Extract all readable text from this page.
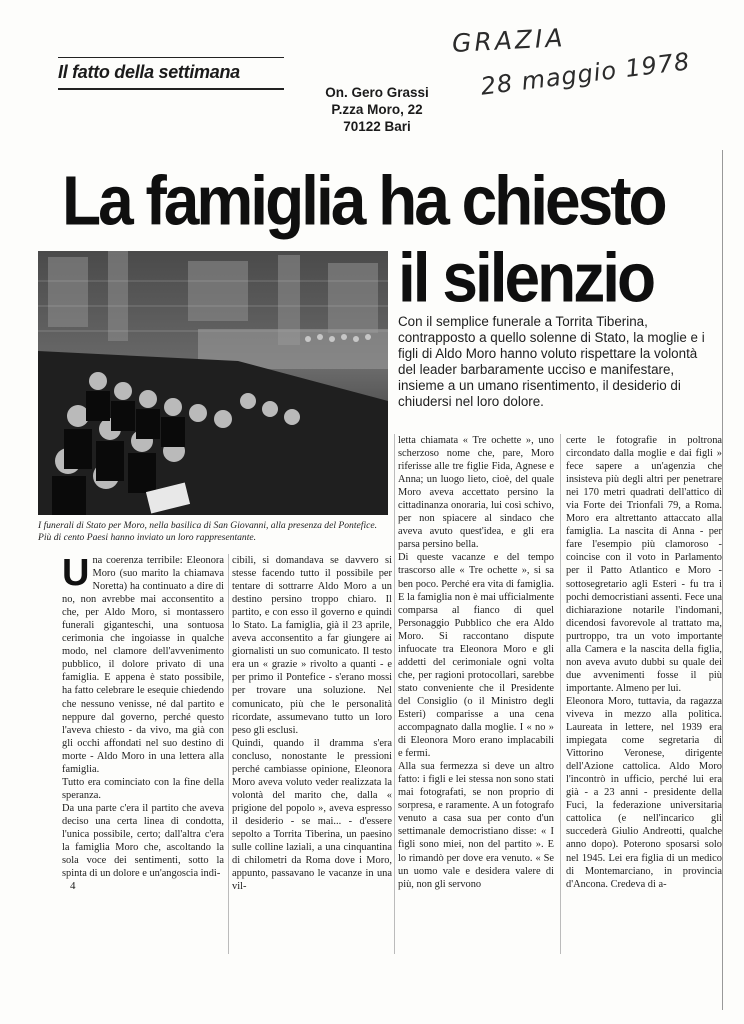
GRAZIA
28 maggio 1978
Il fatto della settimana
On. Gero Grassi
P.zza Moro, 22
70122 Bari
La famiglia ha chiesto
il silenzio
I funerali di Stato per Moro, nella basilica di San Giovanni, alla presenza del Pontefice. Più di cento Paesi hanno inviato un loro rappresentante.
Con il semplice funerale a Torrita Tiberina, contrapposto a quello solenne di Stato, la moglie e i figli di Aldo Moro hanno voluto rispettare la volontà del leader barbaramente ucciso e manifestare, insieme a un umano risentimento, il desiderio di chiudersi nel loro dolore.
Una coerenza terribile: Eleonora Moro (suo marito la chiamava Noretta) ha continuato a dire di no, non avrebbe mai acconsentito a che, per Aldo Moro, si montassero funerali giganteschi, una sontuosa cerimonia che ingoiasse in qualche modo, nel clamore dell'avvenimento pubblico, il dolore privato di una famiglia. E appena è stato possibile, ha fatto celebrare le esequie chiedendo che nessuno venisse, né dal partito e neppure dal governo, perché questo l'aveva chiesto - da vivo, ma già con gli occhi affondati nel suo destino di morte - Aldo Moro in una lettera alla famiglia.
Tutto era cominciato con la fine della speranza.
Da una parte c'era il partito che aveva deciso una certa linea di condotta, l'unica possibile, certo; dall'altra c'era la famiglia Moro che, ascoltando la sola voce dei sentimenti, sotto la spinta di un dolore e un'angoscia indi-
cibili, si domandava se davvero si stesse facendo tutto il possibile per tentare di sottrarre Aldo Moro a un destino persino troppo chiaro. Il partito, e con esso il governo e quindi lo Stato. La famiglia, già il 23 aprile, aveva acconsentito a far giungere ai giornalisti un suo comunicato. Il testo era un « grazie » rivolto a quanti - e per primo il Pontefice - s'erano mossi per trovare una soluzione. Nel comunicato, più che le personalità ricordate, assumevano tutto un loro peso gli esclusi.
Quindi, quando il dramma s'era concluso, nonostante le pressioni perché cambiasse opinione, Eleonora Moro aveva voluto veder realizzata la volontà del marito che, dalla « prigione del popolo », aveva espresso il desiderio - se mai... - d'essere sepolto a Torrita Tiberina, un paesino sulle colline laziali, a una cinquantina di chilometri da Roma dove i Moro, appunto, passavano le vacanze in una vil-
letta chiamata « Tre ochette », uno scherzoso nome che, pare, Moro riferisse alle tre figlie Fida, Agnese e Anna; un luogo lieto, cioè, del quale Moro aveva accettato persino la cittadinanza onoraria, lui così schivo, per non spiacere al sindaco che aveva avuto quest'idea, e gli era parsa persino bella.
Di queste vacanze e del tempo trascorso alle « Tre ochette », si sa ben poco. Perché era vita di famiglia. E la famiglia non è mai ufficialmente comparsa al fianco di quel Personaggio Pubblico che era Aldo Moro. Si raccontano dispute infuocate tra Eleonora Moro e gli addetti del cerimoniale ogni volta che, per ragioni protocollari, sarebbe stato conveniente che il Presidente del Consiglio (o il Ministro degli Esteri) comparisse a una cena accompagnato dalla moglie. I « no » di Eleonora Moro erano implacabili e fermi.
Alla sua fermezza si deve un altro fatto: i figli e lei stessa non sono stati mai fotografati, se non proprio di sorpresa, e raramente. A un fotografo venuto a casa sua per conto d'un settimanale democristiano disse: « I figli sono miei, non del partito ». E lo rimandò per dove era venuto. « Se un uomo vale e desidera valere di più, non gli servono
certe le fotografie in poltrona circondato dalla moglie e dai figli » fece sapere a un'agenzia che insisteva più degli altri per penetrare nei 170 metri quadrati dell'attico di via Forte dei Trionfali 79, a Roma. Moro era altrettanto attaccato alla famiglia. La nascita di Anna - per fare l'esempio più clamoroso - coincise con il voto in Parlamento per il Patto Atlantico e Moro - sottosegretario agli Esteri - fu tra i pochi democristiani assenti. Fece una dichiarazione notarile l'indomani, dicendosi favorevole al trattato ma, purtroppo, tra un voto importante alla Camera e la nascita della figlia, non aveva avuto dubbi su quale dei due avvenimenti fosse il più importante. Almeno per lui.
Eleonora Moro, tuttavia, da ragazza viveva in mezzo alla politica. Laureata in lettere, nel 1939 era impiegata come segretaria di Vittorino Veronese, dirigente dell'Azione cattolica. Aldo Moro l'incontrò in ufficio, perché lui era già - a 23 anni - presidente della Fuci, la federazione universitaria cattolica (e nell'incarico gli succederà Giulio Andreotti, qualche anno dopo). Poterono sposarsi solo nel 1945. Lei era figlia di un medico di Montemarciano, in provincia d'Ancona. Credeva di a-
4
